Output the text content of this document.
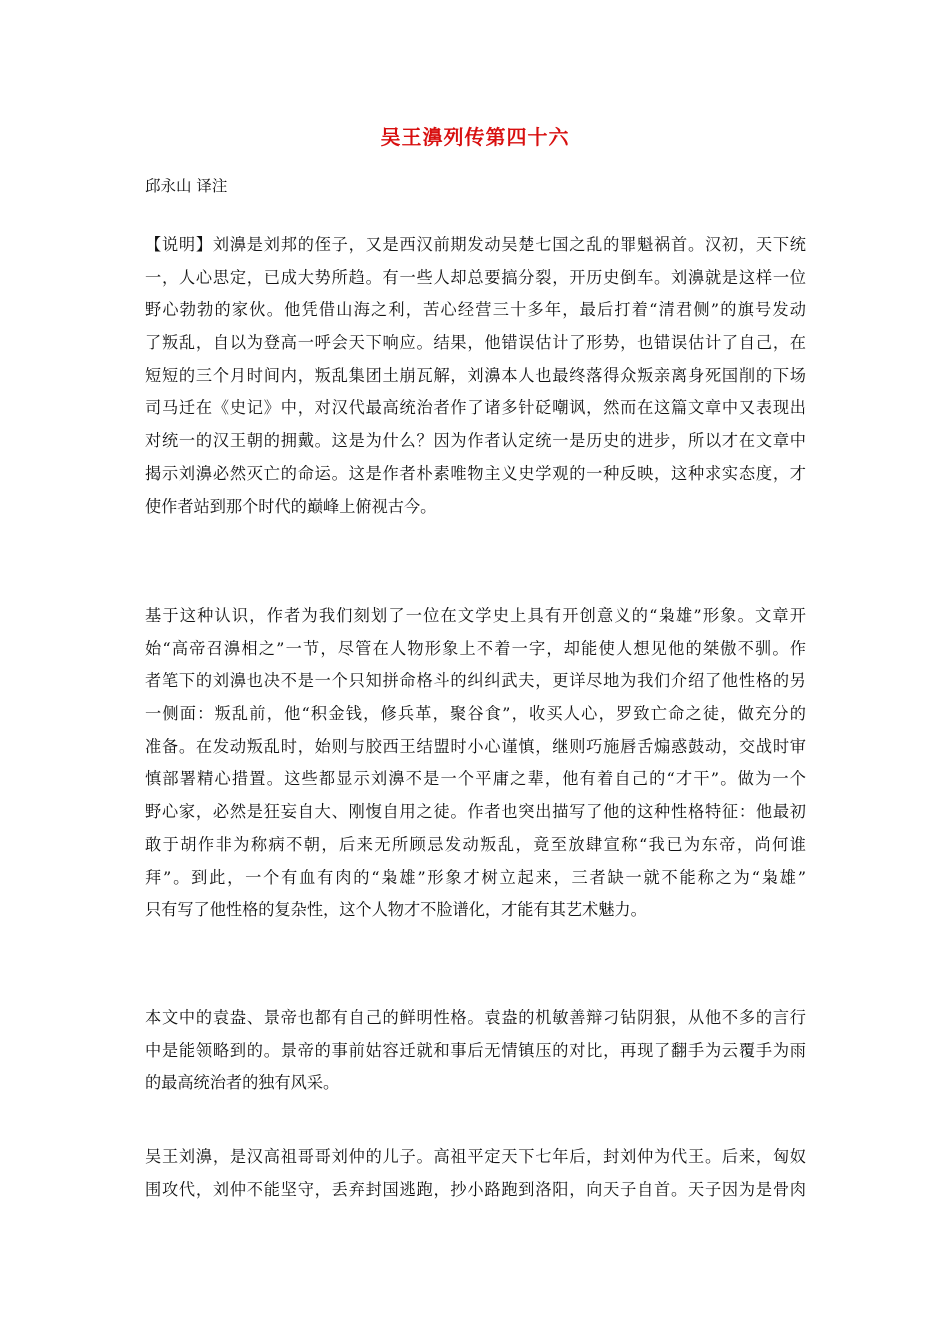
吴王濞列传第四十六
邱永山 译注
【说明】刘濞是刘邦的侄子，又是西汉前期发动吴楚七国之乱的罪魁祸首。汉初，天下统
一，人心思定，已成大势所趋。有一些人却总要搞分裂，开历史倒车。刘濞就是这样一位
野心勃勃的家伙。他凭借山海之利，苦心经营三十多年，最后打着“清君侧”的旗号发动
了叛乱，自以为登高一呼会天下响应。结果，他错误估计了形势，也错误估计了自己，在
短短的三个月时间内，叛乱集团土崩瓦解，刘濞本人也最终落得众叛亲离身死国削的下场
司马迁在《史记》中，对汉代最高统治者作了诸多针砭嘲讽，然而在这篇文章中又表现出
对统一的汉王朝的拥戴。这是为什么？因为作者认定统一是历史的进步，所以才在文章中
揭示刘濞必然灭亡的命运。这是作者朴素唯物主义史学观的一种反映，这种求实态度，才
使作者站到那个时代的巅峰上俯视古今。
基于这种认识，作者为我们刻划了一位在文学史上具有开创意义的“枭雄”形象。文章开
始“高帝召濞相之”一节，尽管在人物形象上不着一字，却能使人想见他的桀傲不驯。作
者笔下的刘濞也决不是一个只知拼命格斗的纠纠武夫，更详尽地为我们介绍了他性格的另
一侧面：叛乱前，他“积金钱，修兵革，聚谷食”，收买人心，罗致亡命之徒，做充分的
准备。在发动叛乱时，始则与胶西王结盟时小心谨慎，继则巧施唇舌煽惑鼓动，交战时审
慎部署精心措置。这些都显示刘濞不是一个平庸之辈，他有着自己的“才干”。做为一个
野心家，必然是狂妄自大、刚愎自用之徒。作者也突出描写了他的这种性格特征：他最初
敢于胡作非为称病不朝，后来无所顾忌发动叛乱，竟至放肆宣称“我已为东帝，尚何谁
拜”。到此，一个有血有肉的“枭雄”形象才树立起来，三者缺一就不能称之为“枭雄”
只有写了他性格的复杂性，这个人物才不脸谱化，才能有其艺术魅力。
本文中的袁盎、景帝也都有自己的鲜明性格。袁盎的机敏善辩刁钻阴狠，从他不多的言行
中是能领略到的。景帝的事前姑容迁就和事后无情镇压的对比，再现了翻手为云覆手为雨
的最高统治者的独有风采。
吴王刘濞，是汉高祖哥哥刘仲的儿子。高祖平定天下七年后，封刘仲为代王。后来，匈奴
围攻代，刘仲不能坚守，丢弃封国逃跑，抄小路跑到洛阳，向天子自首。天子因为是骨肉
